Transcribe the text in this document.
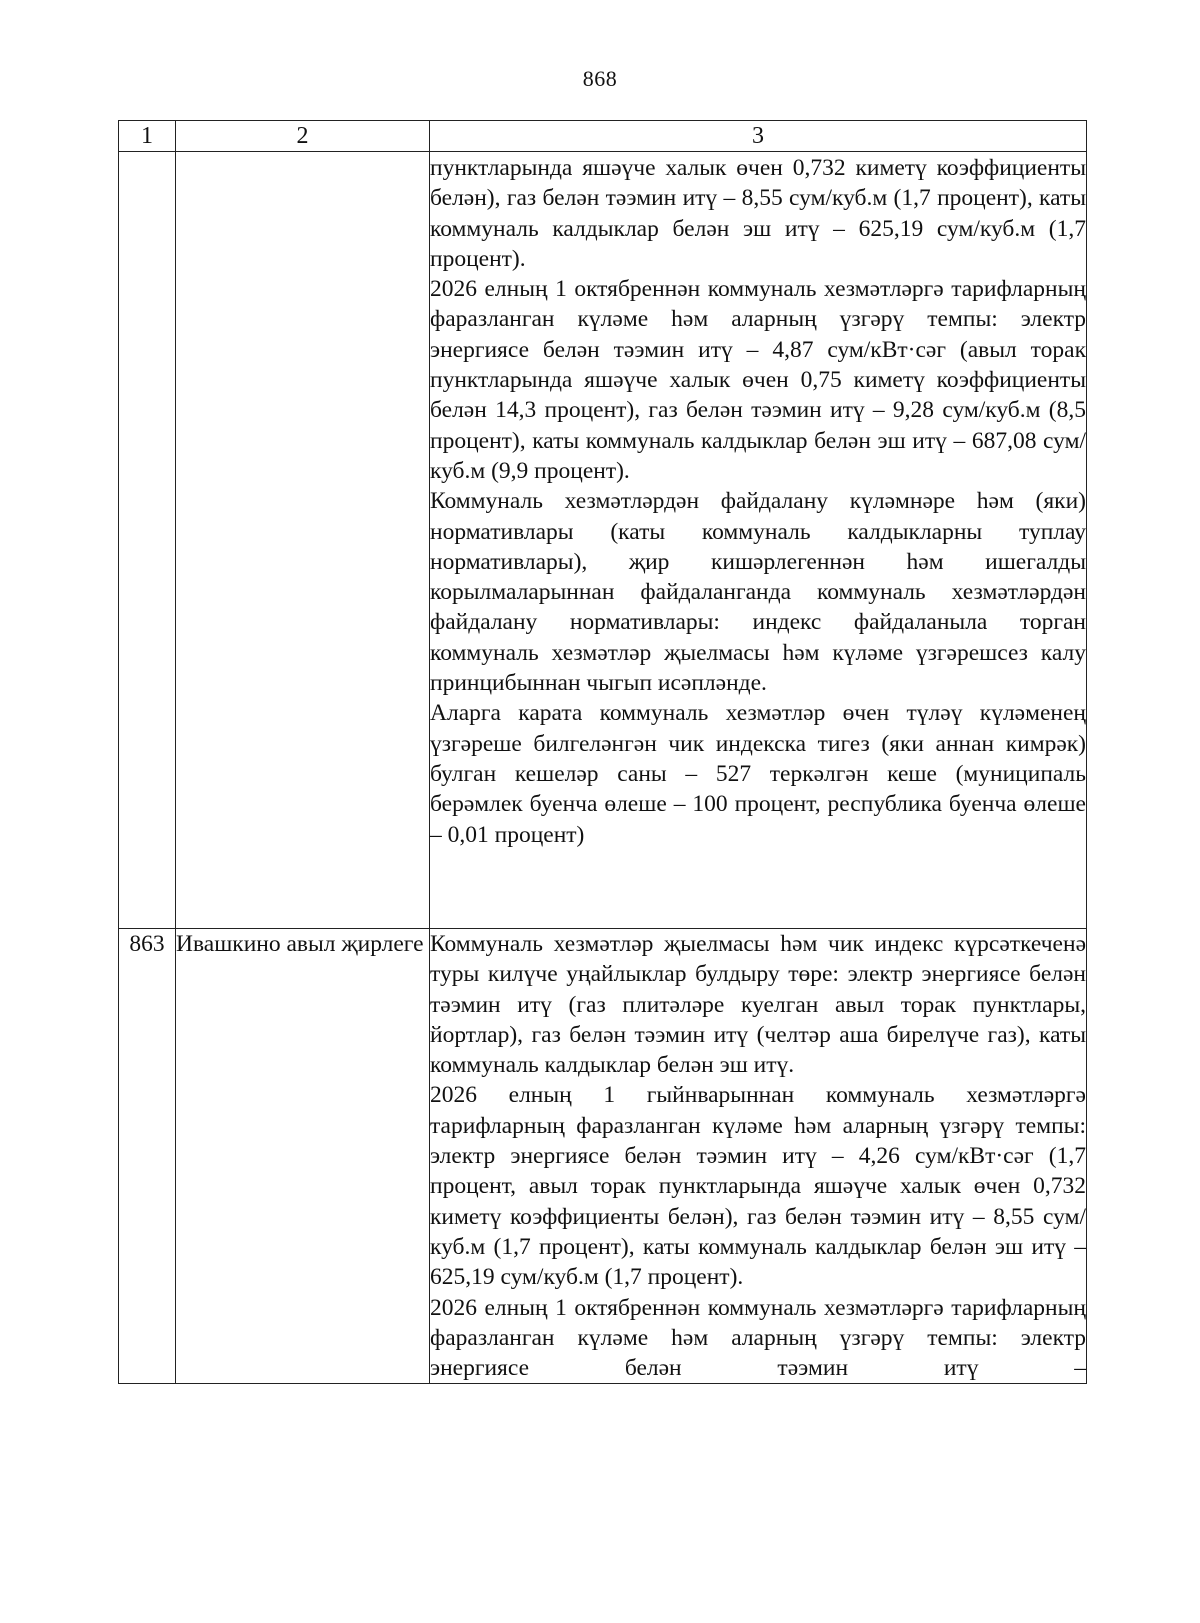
868
1	2	3

		пунктларында яшәүче халык өчен 0,732 киметү коэффициенты белән), газ белән тәэмин итү – 8,55 сум/куб.м (1,7 процент), каты коммуналь калдыклар белән эш итү – 625,19 сум/куб.м (1,7 процент).

2026 елның 1 октябреннән коммуналь хезмәтләргә тарифларның фаразланган күләме һәм аларның үзгәрү темпы: электр энергиясе белән тәэмин итү – 4,87 сум/кВт·сәг (авыл торак пунктларында яшәүче халык өчен 0,75 киметү коэффициенты белән 14,3 процент), газ белән тәэмин итү – 9,28 сум/куб.м (8,5 процент), каты коммуналь калдыклар белән эш итү – 687,08 сум/куб.м (9,9 процент).

Коммуналь хезмәтләрдән файдалану күләмнәре һәм (яки) нормативлары (каты коммуналь калдыкларны туплау нормативлары), җир кишәрлегеннән һәм ишегалды корылмаларыннан файдаланганда коммуналь хезмәтләрдән файдалану нормативлары: индекс файдаланыла торган коммуналь хезмәтләр җыелмасы һәм күләме үзгәрешсез калу принцибыннан чыгып исәпләнде.

Аларга карата коммуналь хезмәтләр өчен түләү күләменең үзгәреше билгеләнгән чик индекска тигез (яки аннан кимрәк) булган кешеләр саны – 527 теркәлгән кеше (муниципаль берәмлек буенча өлеше – 100 процент, республика буенча өлеше – 0,01 процент)

863	Ивашкино авыл җирлеге	Коммуналь хезмәтләр җыелмасы һәм чик индекс күрсәткеченә туры килүче уңайлыклар булдыру төре: электр энергиясе белән тәэмин итү (газ плитәләре куелган авыл торак пунктлары, йортлар), газ белән тәэмин итү (челтәр аша бирелүче газ), каты коммуналь калдыклар белән эш итү.

2026 елның 1 гыйнварыннан коммуналь хезмәтләргә тарифларның фаразланган күләме һәм аларның үзгәрү темпы: электр энергиясе белән тәэмин итү – 4,26 сум/кВт·сәг (1,7 процент, авыл торак пунктларында яшәүче халык өчен 0,732 киметү коэффициенты белән), газ белән тәэмин итү – 8,55 сум/куб.м (1,7 процент), каты коммуналь калдыклар белән эш итү – 625,19 сум/куб.м (1,7 процент).

2026 елның 1 октябреннән коммуналь хезмәтләргә тарифларның фаразланган күләме һәм аларның үзгәрү темпы: электр энергиясе белән тәэмин итү –
